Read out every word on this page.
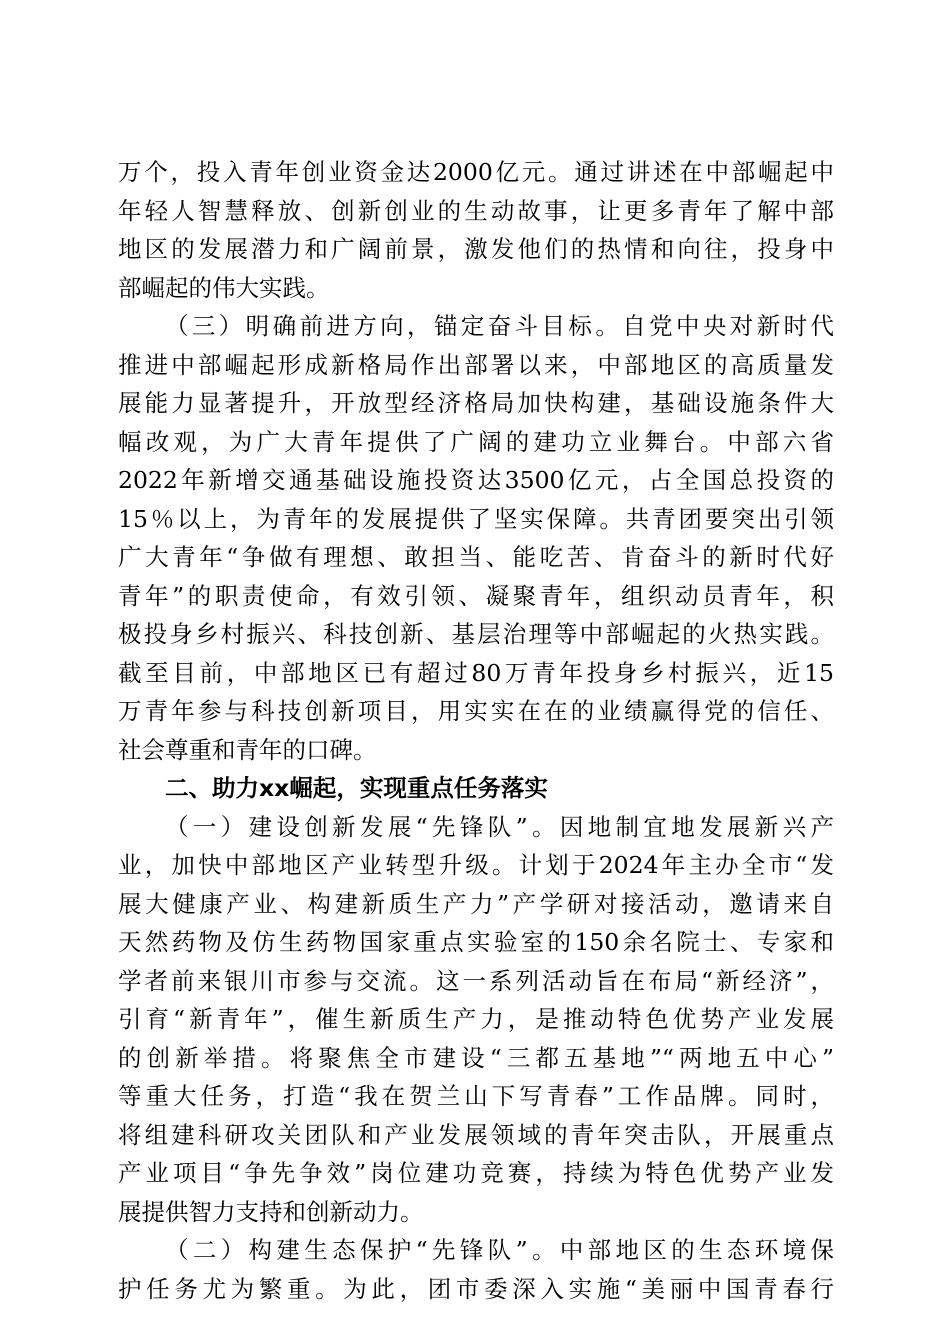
万个，投入青年创业资金达2000亿元。通过讲述在中部崛起中
年轻人智慧释放、创新创业的生动故事，让更多青年了解中部
地区的发展潜力和广阔前景，激发他们的热情和向往，投身中
部崛起的伟大实践。
（三）明确前进方向，锚定奋斗目标。自党中央对新时代
推进中部崛起形成新格局作出部署以来，中部地区的高质量发
展能力显著提升，开放型经济格局加快构建，基础设施条件大
幅改观，为广大青年提供了广阔的建功立业舞台。中部六省
2022年新增交通基础设施投资达3500亿元，占全国总投资的
15％以上，为青年的发展提供了坚实保障。共青团要突出引领
广大青年“争做有理想、敢担当、能吃苦、肯奋斗的新时代好
青年”的职责使命，有效引领、凝聚青年，组织动员青年，积
极投身乡村振兴、科技创新、基层治理等中部崛起的火热实践。
截至目前，中部地区已有超过80万青年投身乡村振兴，近15
万青年参与科技创新项目，用实实在在的业绩赢得党的信任、
社会尊重和青年的口碑。
二、助力xx崛起，实现重点任务落实
（一）建设创新发展“先锋队”。因地制宜地发展新兴产
业，加快中部地区产业转型升级。计划于2024年主办全市“发
展大健康产业、构建新质生产力”产学研对接活动，邀请来自
天然药物及仿生药物国家重点实验室的150余名院士、专家和
学者前来银川市参与交流。这一系列活动旨在布局“新经济”，
引育“新青年”，催生新质生产力，是推动特色优势产业发展
的创新举措。将聚焦全市建设“三都五基地”“两地五中心”
等重大任务，打造“我在贺兰山下写青春”工作品牌。同时，
将组建科研攻关团队和产业发展领域的青年突击队，开展重点
产业项目“争先争效”岗位建功竞赛，持续为特色优势产业发
展提供智力支持和创新动力。
（二）构建生态保护“先锋队”。中部地区的生态环境保
护任务尤为繁重。为此，团市委深入实施“美丽中国青春行
